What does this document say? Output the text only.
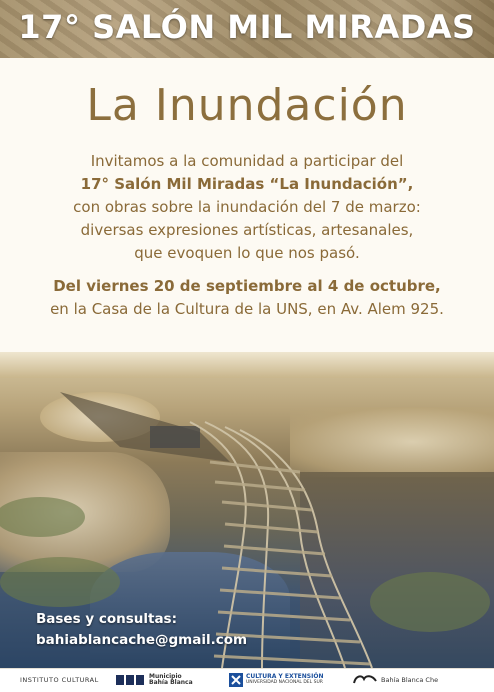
17° SALÓN MIL MIRADAS
La Inundación
Invitamos a la comunidad a participar del
17° Salón Mil Miradas “La Inundación”,
con obras sobre la inundación del 7 de marzo:
diversas expresiones artísticas, artesanales,
que evoquen lo que nos pasó.
Del viernes 20 de septiembre al 4 de octubre,
en la Casa de la Cultura de la UNS, en Av. Alem 925.
Bases y consultas:
bahiablancache@gmail.com
INSTITUTO CULTURAL	Municipio
Bahía Blanca
CULTURA Y EXTENSIÓN
UNIVERSIDAD NACIONAL DEL SUR	Bahía Blanca Che
